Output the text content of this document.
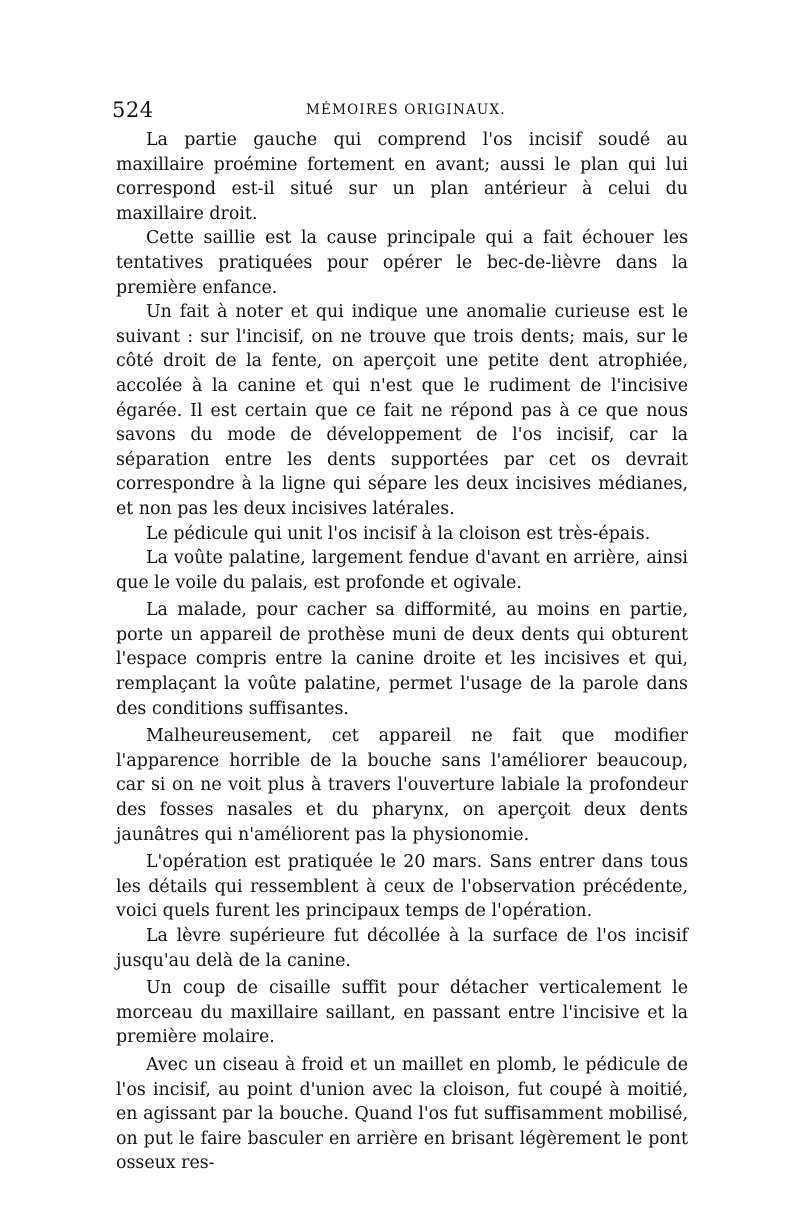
524	MÉMOIRES ORIGINAUX.

La partie gauche qui comprend l'os incisif soudé au maxillaire proémine fortement en avant; aussi le plan qui lui correspond est-il situé sur un plan antérieur à celui du maxillaire droit.

Cette saillie est la cause principale qui a fait échouer les tentatives pratiquées pour opérer le bec-de-lièvre dans la première enfance.

Un fait à noter et qui indique une anomalie curieuse est le suivant : sur l'incisif, on ne trouve que trois dents; mais, sur le côté droit de la fente, on aperçoit une petite dent atrophiée, accolée à la canine et qui n'est que le rudiment de l'incisive égarée. Il est certain que ce fait ne répond pas à ce que nous savons du mode de développement de l'os incisif, car la séparation entre les dents supportées par cet os devrait correspondre à la ligne qui sépare les deux incisives médianes, et non pas les deux incisives latérales.

Le pédicule qui unit l'os incisif à la cloison est très-épais.

La voûte palatine, largement fendue d'avant en arrière, ainsi que le voile du palais, est profonde et ogivale.

La malade, pour cacher sa difformité, au moins en partie, porte un appareil de prothèse muni de deux dents qui obturent l'espace compris entre la canine droite et les incisives et qui, remplaçant la voûte palatine, permet l'usage de la parole dans des conditions suffisantes.

Malheureusement, cet appareil ne fait que modifier l'apparence horrible de la bouche sans l'améliorer beaucoup, car si on ne voit plus à travers l'ouverture labiale la profondeur des fosses nasales et du pharynx, on aperçoit deux dents jaunâtres qui n'améliorent pas la physionomie.

L'opération est pratiquée le 20 mars. Sans entrer dans tous les détails qui ressemblent à ceux de l'observation précédente, voici quels furent les principaux temps de l'opération.

La lèvre supérieure fut décollée à la surface de l'os incisif jusqu'au delà de la canine.

Un coup de cisaille suffit pour détacher verticalement le morceau du maxillaire saillant, en passant entre l'incisive et la première molaire.

Avec un ciseau à froid et un maillet en plomb, le pédicule de l'os incisif, au point d'union avec la cloison, fut coupé à moitié, en agissant par la bouche. Quand l'os fut suffisamment mobilisé, on put le faire basculer en arrière en brisant légèrement le pont osseux res-
